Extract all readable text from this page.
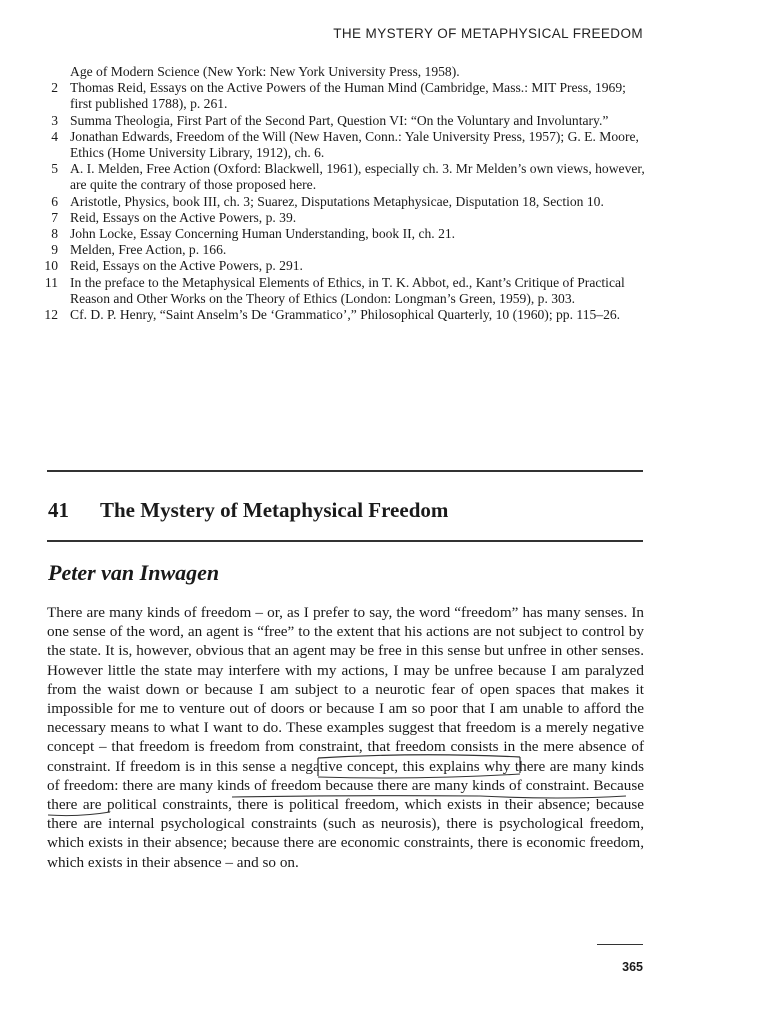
THE MYSTERY OF METAPHYSICAL FREEDOM
Age of Modern Science (New York: New York University Press, 1958).
2 Thomas Reid, Essays on the Active Powers of the Human Mind (Cambridge, Mass.: MIT Press, 1969; first published 1788), p. 261.
3 Summa Theologia, First Part of the Second Part, Question VI: “On the Voluntary and Involuntary.”
4 Jonathan Edwards, Freedom of the Will (New Haven, Conn.: Yale University Press, 1957); G. E. Moore, Ethics (Home University Library, 1912), ch. 6.
5 A. I. Melden, Free Action (Oxford: Blackwell, 1961), especially ch. 3. Mr Melden’s own views, however, are quite the contrary of those proposed here.
6 Aristotle, Physics, book III, ch. 3; Suarez, Disputations Metaphysicae, Disputation 18, Section 10.
7 Reid, Essays on the Active Powers, p. 39.
8 John Locke, Essay Concerning Human Understanding, book II, ch. 21.
9 Melden, Free Action, p. 166.
10 Reid, Essays on the Active Powers, p. 291.
11 In the preface to the Metaphysical Elements of Ethics, in T. K. Abbot, ed., Kant’s Critique of Practical Reason and Other Works on the Theory of Ethics (London: Longman’s Green, 1959), p. 303.
12 Cf. D. P. Henry, “Saint Anselm’s De ‘Grammatico’,” Philosophical Quarterly, 10 (1960); pp. 115–26.
41 The Mystery of Metaphysical Freedom
Peter van Inwagen

There are many kinds of freedom – or, as I prefer to say, the word “freedom” has many senses. In one sense of the word, an agent is “free” to the extent that his actions are not subject to control by the state. It is, however, obvious that an agent may be free in this sense but unfree in other senses. However little the state may interfere with my actions, I may be unfree because I am paralyzed from the waist down or because I am subject to a neurotic fear of open spaces that makes it impossible for me to venture out of doors or because I am so poor that I am unable to afford the necessary means to what I want to do. These examples suggest that freedom is a merely negative concept – that freedom is freedom from constraint, that freedom consists in the mere absence of constraint. If freedom is in this sense a negative concept, this explains why there are many kinds of freedom: there are many kinds of freedom because there are many kinds of constraint. Because there are political constraints, there is political freedom, which exists in their absence; because there are internal psychological constraints (such as neurosis), there is psychological freedom, which exists in their absence; because there are economic constraints, there is economic freedom, which exists in their absence – and so on.

365
